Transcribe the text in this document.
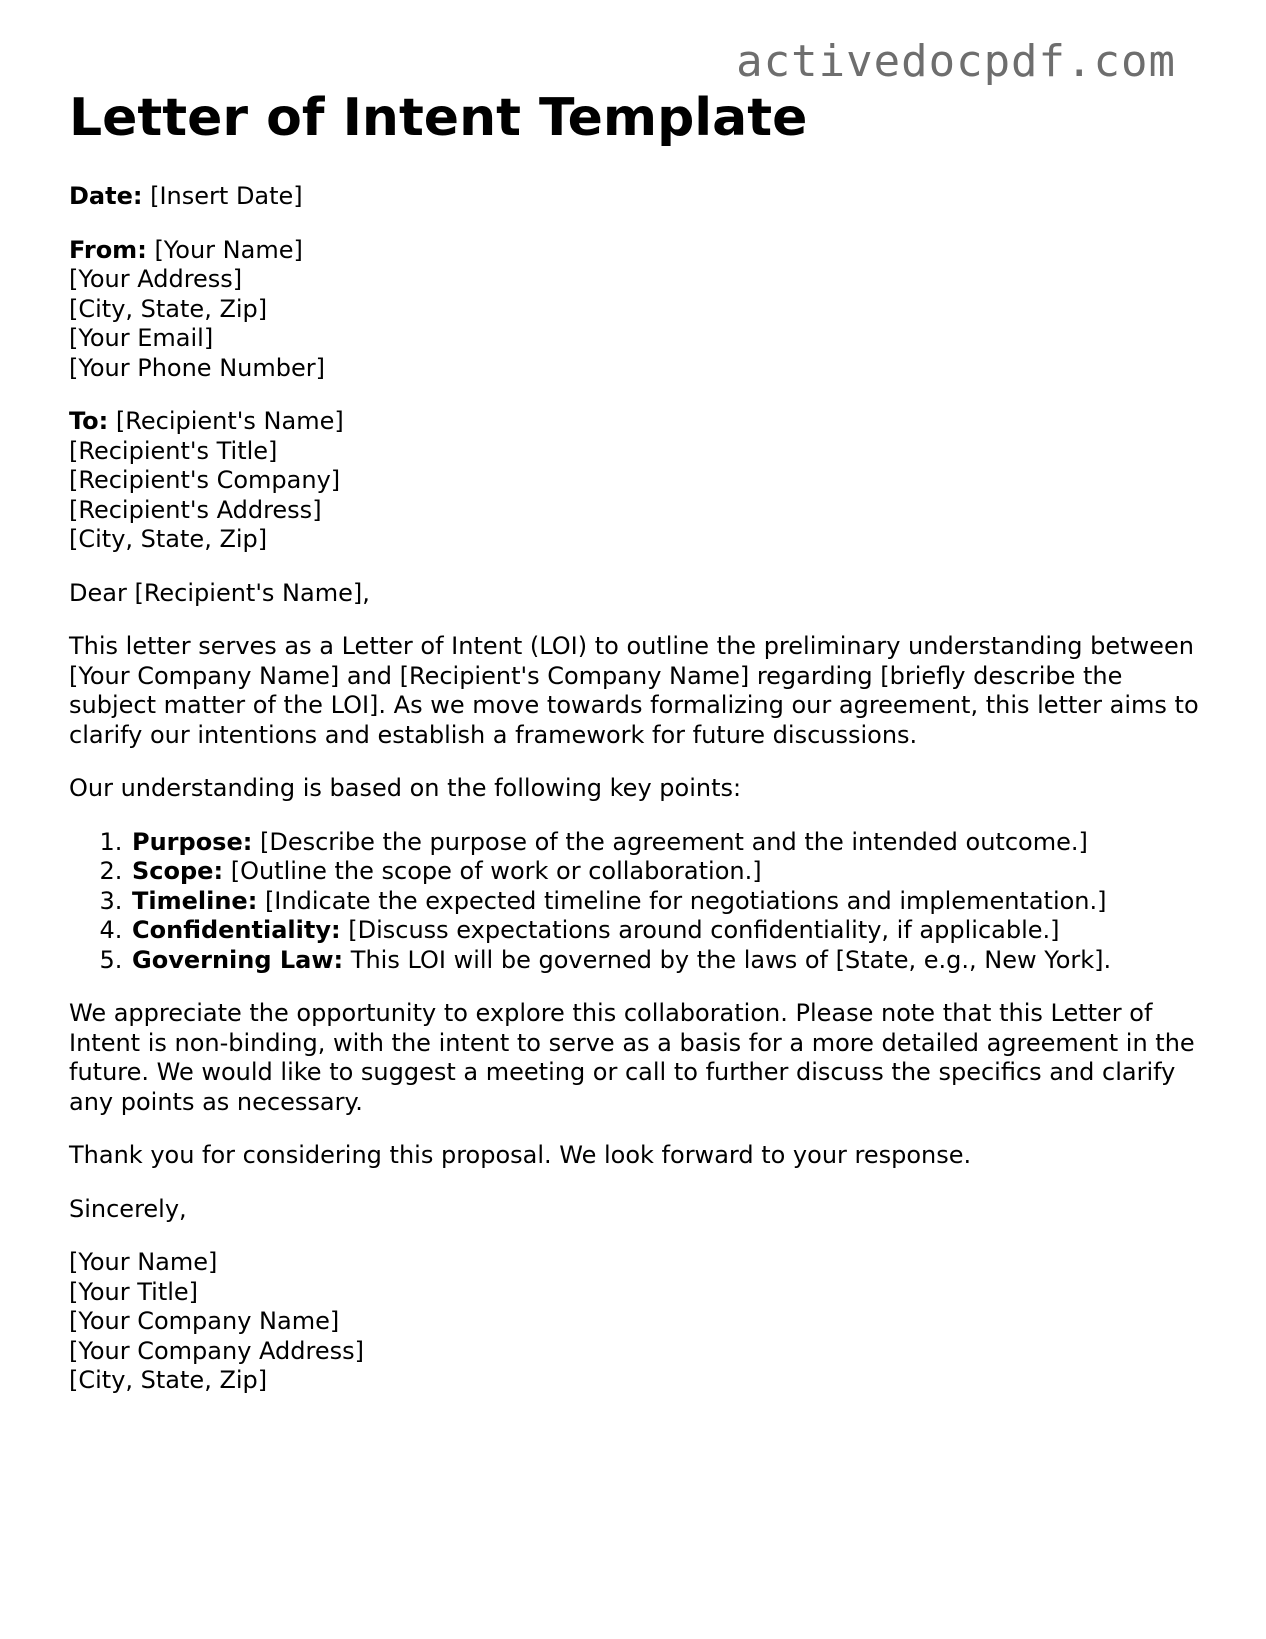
activedocpdf.com
Letter of Intent Template
Date: [Insert Date]
From: [Your Name]
[Your Address]
[City, State, Zip]
[Your Email]
[Your Phone Number]
To: [Recipient's Name]
[Recipient's Title]
[Recipient's Company]
[Recipient's Address]
[City, State, Zip]
Dear [Recipient's Name],
This letter serves as a Letter of Intent (LOI) to outline the preliminary understanding between [Your Company Name] and [Recipient's Company Name] regarding [briefly describe the subject matter of the LOI]. As we move towards formalizing our agreement, this letter aims to clarify our intentions and establish a framework for future discussions.
Our understanding is based on the following key points:
1. Purpose: [Describe the purpose of the agreement and the intended outcome.]
2. Scope: [Outline the scope of work or collaboration.]
3. Timeline: [Indicate the expected timeline for negotiations and implementation.]
4. Confidentiality: [Discuss expectations around confidentiality, if applicable.]
5. Governing Law: This LOI will be governed by the laws of [State, e.g., New York].
We appreciate the opportunity to explore this collaboration. Please note that this Letter of Intent is non-binding, with the intent to serve as a basis for a more detailed agreement in the future. We would like to suggest a meeting or call to further discuss the specifics and clarify any points as necessary.
Thank you for considering this proposal. We look forward to your response.
Sincerely,
[Your Name]
[Your Title]
[Your Company Name]
[Your Company Address]
[City, State, Zip]
